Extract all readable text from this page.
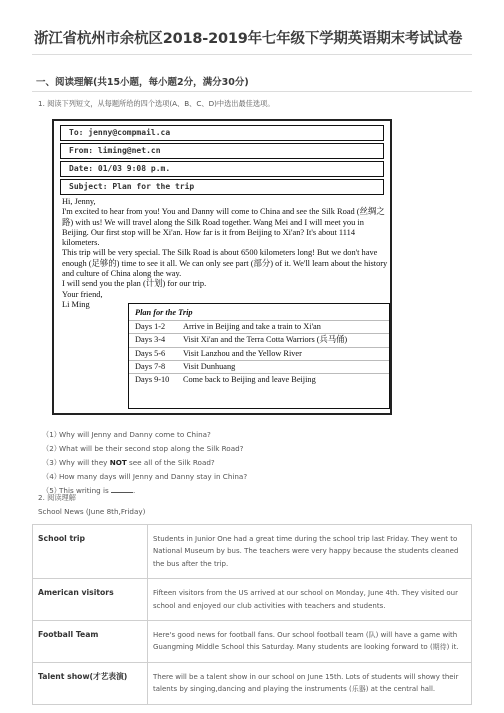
浙江省杭州市余杭区2018-2019年七年级下学期英语期末考试试卷
一、阅读理解(共15小题，每小题2分，满分30分)
1. 阅读下列短文，从每题所给的四个选项(A、B、C、D)中选出最佳选项。
To: jenny@compmail.ca
From: liming@net.cn
Date: 01/03 9:08 p.m.
Subject: Plan for the trip

Hi, Jenny,

I'm excited to hear from you! You and Danny will come to China and see the Silk Road (丝绸之路) with us! We will travel along the Silk Road together. Wang Mei and I will meet you in Beijing. Our first stop will be Xi'an. How far is it from Beijing to Xi'an? It's about 1114 kilometers.

This trip will be very special. The Silk Road is about 6500 kilometers long! But we don't have enough (足够的) time to see it all. We can only see part (部分) of it. We'll learn about the history and culture of China along the way.

I will send you the plan (计划) for our trip.

Your friend,

Li Ming

Plan for the Trip
Days 1-2	Arrive in Beijing and take a train to Xi'an
Days 3-4	Visit Xi'an and the Terra Cotta Warriors (兵马俑)
Days 5-6	Visit Lanzhou and the Yellow River
Days 7-8	Visit Dunhuang
Days 9-10	Come back to Beijing and leave Beijing
（1）Why will Jenny and Danny come to China?
（2）What will be their second stop along the Silk Road?
（3）Why will they NOT see all of the Silk Road?
（4）How many days will Jenny and Danny stay in China?
（5）This writing is	.
2. 阅读理解
School News (June 8th,Friday)
School trip	Students in Junior One had a great time during the school trip last Friday. They went to National Museum by bus. The teachers were very happy because the students cleaned the bus after the trip.
American visitors	Fifteen visitors from the US arrived at our school on Monday, June 4th. They visited our school and enjoyed our club activities with teachers and students.
Football Team	Here's good news for football fans. Our school football team (队) will have a game with Guangming Middle School this Saturday. Many students are looking forward to (期待) it.
Talent show(才艺表演)	There will be a talent show in our school on June 15th. Lots of students will showy their talents by singing,dancing and playing the instruments (乐器) at the central hall.
